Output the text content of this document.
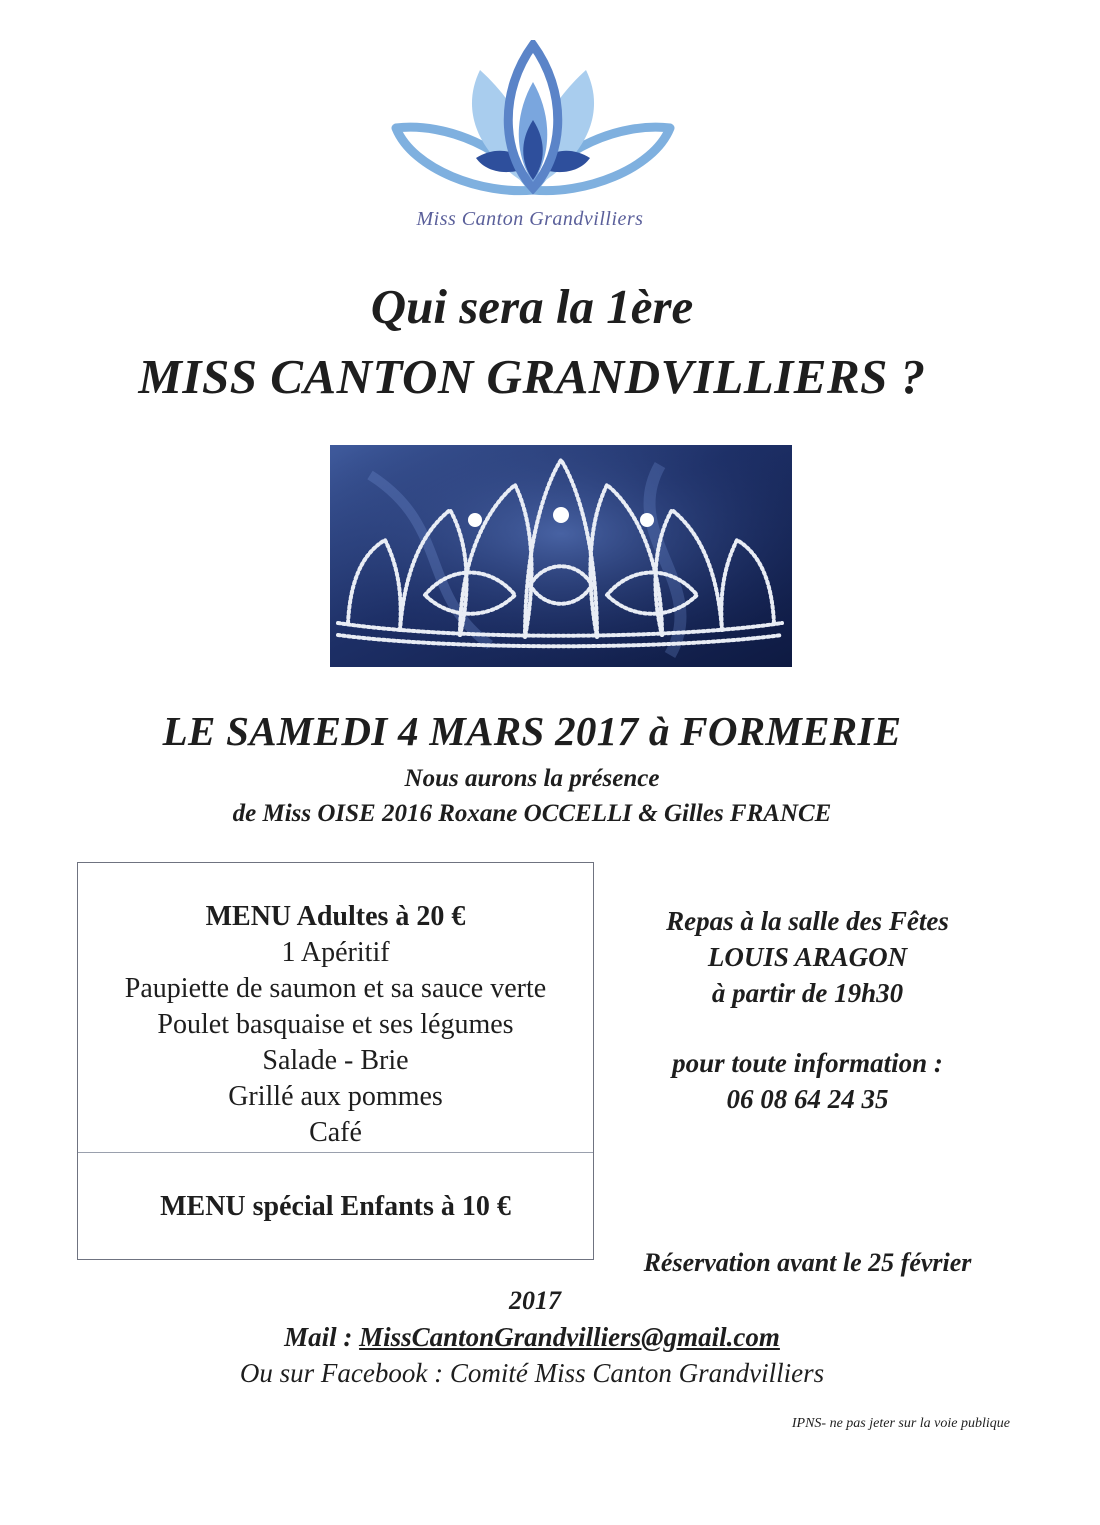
Miss Canton Grandvilliers
Qui sera la 1ère
MISS CANTON GRANDVILLIERS ?
LE SAMEDI 4 MARS 2017 à FORMERIE
Nous aurons la présence
de Miss OISE 2016 Roxane OCCELLI & Gilles FRANCE
MENU Adultes à 20 €
1 Apéritif
Paupiette de saumon et sa sauce verte
Poulet basquaise et ses légumes
Salade - Brie
Grillé aux pommes
Café
MENU spécial Enfants à 10 €
Repas à la salle des Fêtes
LOUIS ARAGON
à partir de 19h30
pour toute information :
06 08 64 24 35
Réservation avant le 25 février
2017
Mail : MissCantonGrandvilliers@gmail.com
Ou sur Facebook : Comité Miss Canton Grandvilliers
IPNS- ne pas jeter sur la voie publique
